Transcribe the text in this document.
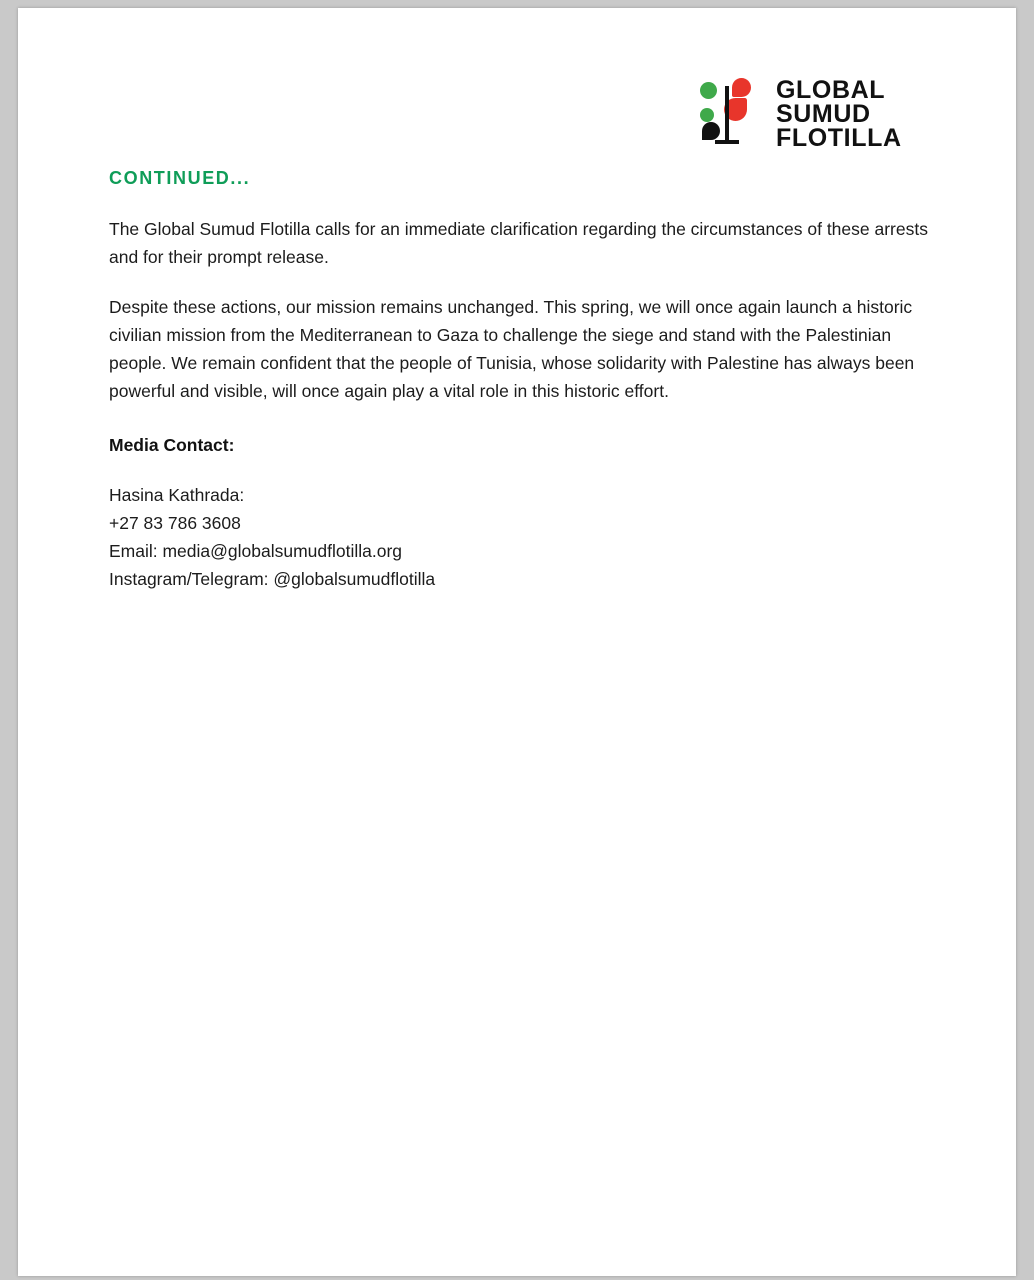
GLOBAL
SUMUD
FLOTILLA
CONTINUED...

The Global Sumud Flotilla calls for an immediate clarification regarding the circumstances of these arrests and for their prompt release.

Despite these actions, our mission remains unchanged. This spring, we will once again launch a historic civilian mission from the Mediterranean to Gaza to challenge the siege and stand with the Palestinian people. We remain confident that the people of Tunisia, whose solidarity with Palestine has always been powerful and visible, will once again play a vital role in this historic effort.

Media Contact:
Hasina Kathrada:
+27 83 786 3608
Email: media@globalsumudflotilla.org
Instagram/Telegram: @globalsumudflotilla
